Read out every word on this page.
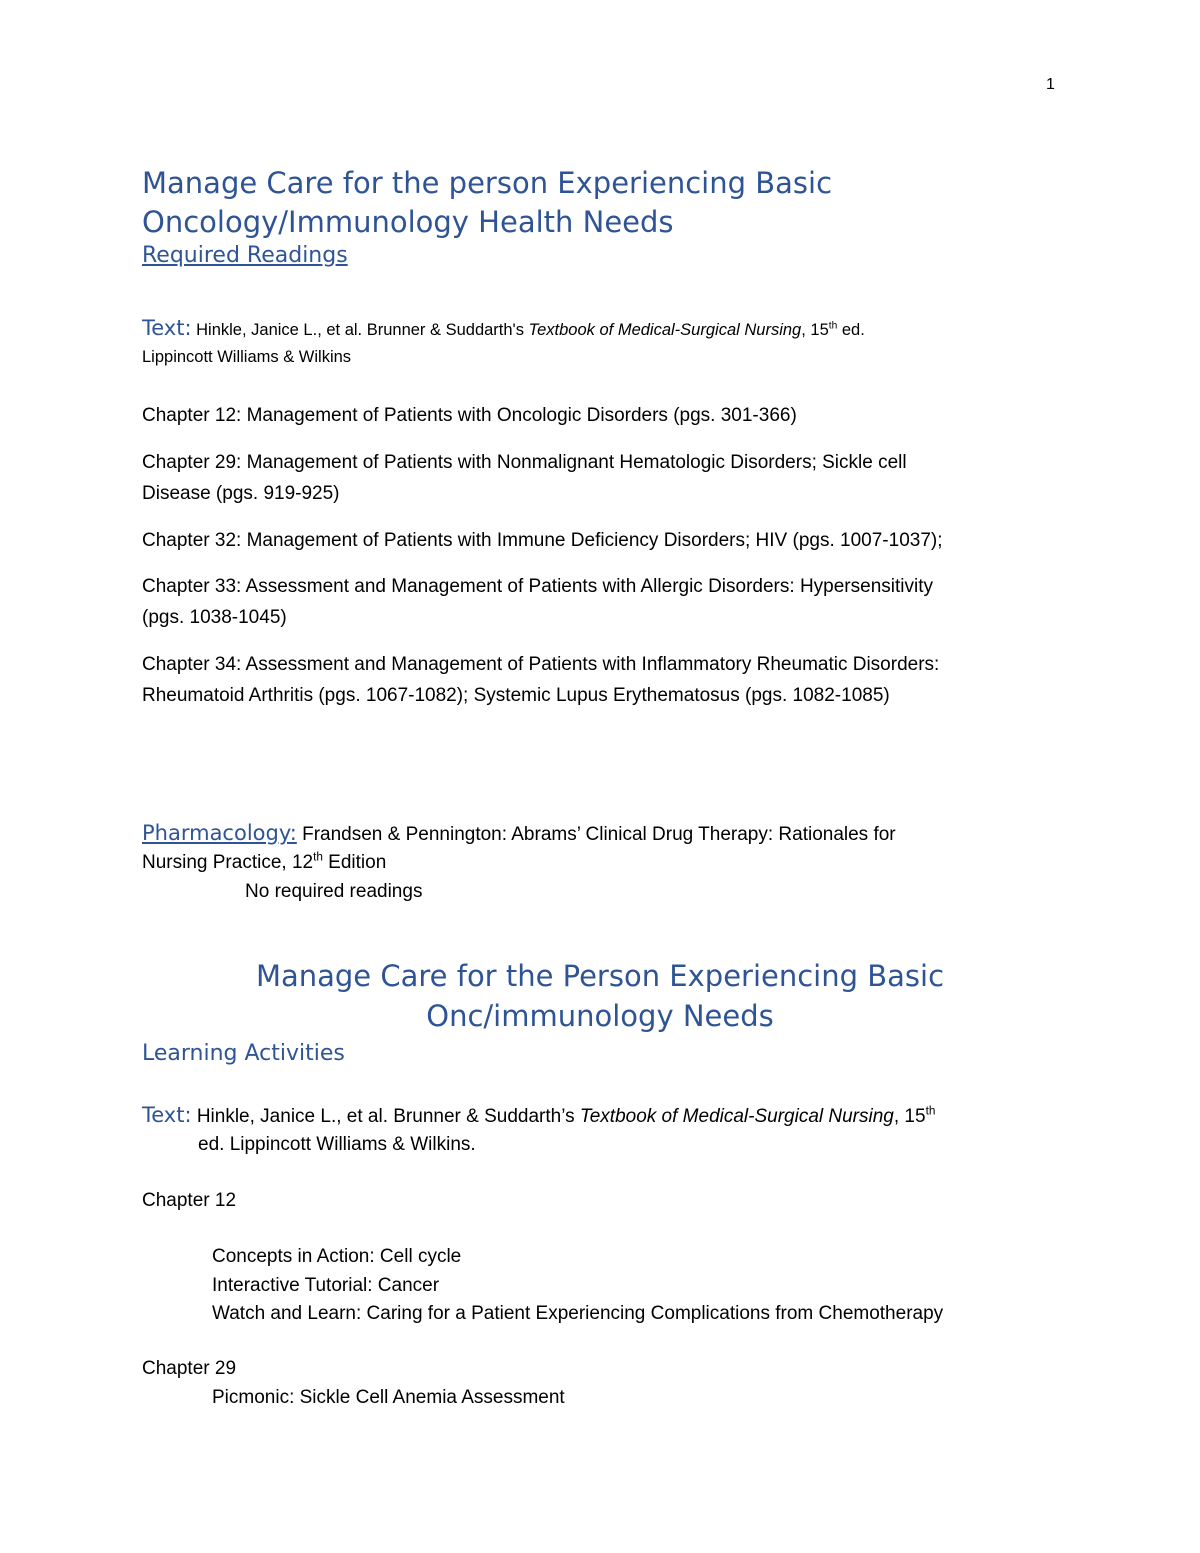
1
Manage Care for the person Experiencing Basic
Oncology/Immunology Health Needs
Required Readings
Text: Hinkle, Janice L., et al. Brunner & Suddarth's Textbook of Medical-Surgical Nursing, 15th ed.
Lippincott Williams & Wilkins
Chapter 12: Management of Patients with Oncologic Disorders (pgs. 301-366)
Chapter 29: Management of Patients with Nonmalignant Hematologic Disorders; Sickle cell
Disease (pgs. 919-925)
Chapter 32: Management of Patients with Immune Deficiency Disorders; HIV (pgs. 1007-1037);
Chapter 33: Assessment and Management of Patients with Allergic Disorders: Hypersensitivity
(pgs. 1038-1045)
Chapter 34: Assessment and Management of Patients with Inflammatory Rheumatic Disorders:
Rheumatoid Arthritis (pgs. 1067-1082); Systemic Lupus Erythematosus (pgs. 1082-1085)
Pharmacology: Frandsen & Pennington: Abrams’ Clinical Drug Therapy: Rationales for
Nursing Practice, 12th Edition
No required readings
Manage Care for the Person Experiencing Basic
Onc/immunology Needs
Learning Activities
Text: Hinkle, Janice L., et al. Brunner & Suddarth’s Textbook of Medical-Surgical Nursing, 15th
ed. Lippincott Williams & Wilkins.
Chapter 12
Concepts in Action: Cell cycle
Interactive Tutorial: Cancer
Watch and Learn: Caring for a Patient Experiencing Complications from Chemotherapy
Chapter 29
Picmonic: Sickle Cell Anemia Assessment
